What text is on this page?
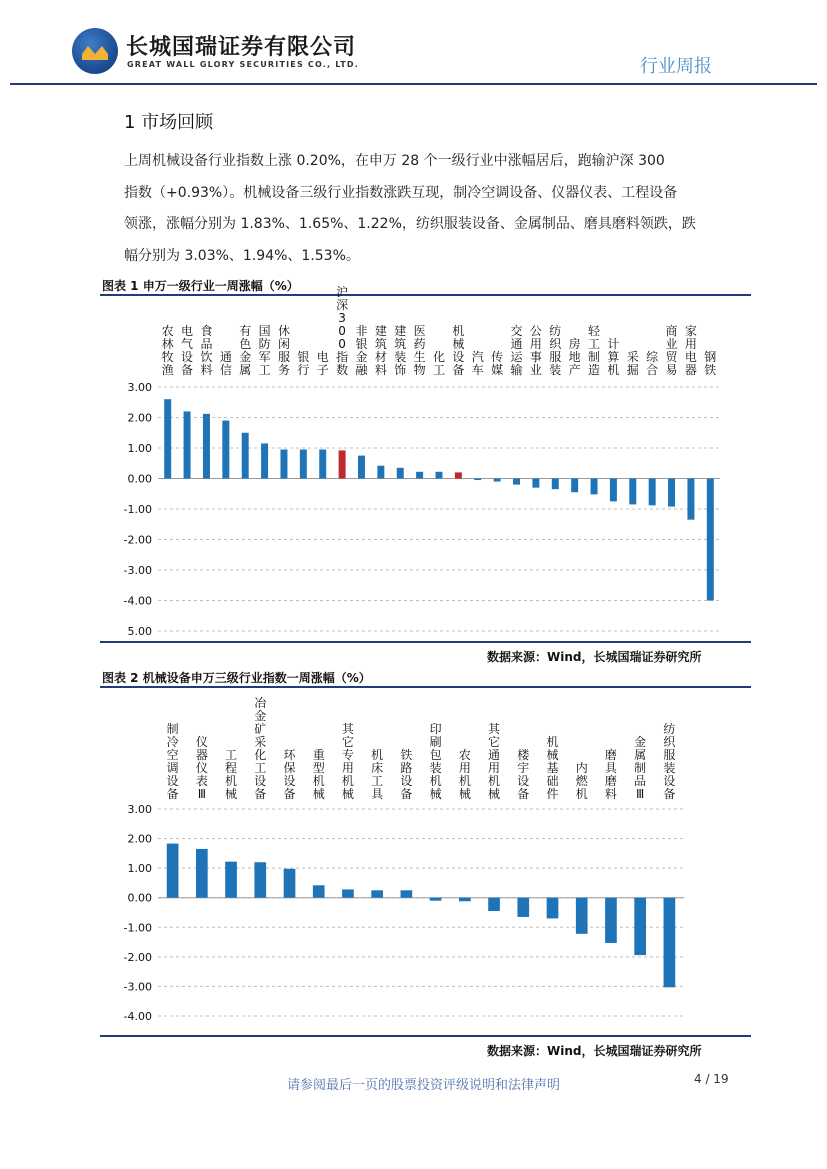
长城国瑞证券有限公司
GREAT WALL GLORY SECURITIES CO., LTD.	行业周报
1 市场回顾
上周机械设备行业指数上涨 0.20%，在申万 28 个一级行业中涨幅居后，跑输沪深 300
指数（+0.93%）。机械设备三级行业指数涨跌互现，制冷空调设备、仪器仪表、工程设备
领涨，涨幅分别为 1.83%、1.65%、1.22%，纺织服装设备、金属制品、磨具磨料领跌，跌
幅分别为 3.03%、1.94%、1.53%。
图表 1 申万一级行业一周涨幅（%）
3.00
2.00
1.00
0.00
-1.00
-2.00
-3.00
-4.00
5.00
农林牧渔
电气设备
食品饮料
通信
有色金属
国防军工
休闲服务
银行
电子
沪深 3 0 0 指数
非银金融
建筑材料
建筑装饰
医药生物
化工
机械设备
汽车
传媒
交通运输
公用事业
纺织服装
房地产
轻工制造
计算机
采掘
综合
商业贸易
家用电器
钢铁
数据来源：Wind，长城国瑞证券研究所
图表 2 机械设备申万三级行业指数一周涨幅（%）
3.00
2.00
1.00
0.00
-1.00
-2.00
-3.00
-4.00
制冷空调设备
仪器仪表 Ⅲ
工程机械
冶金矿采化工设备
环保设备
重型机械
其它专用机械
机床工具
铁路设备
印刷包装机械
农用机械
其它通用机械
楼宇设备
机械基础件
内燃机
磨具磨料
金属制品 Ⅲ
纺织服装设备
数据来源：Wind，长城国瑞证券研究所
请参阅最后一页的股票投资评级说明和法律声明	4 / 19
